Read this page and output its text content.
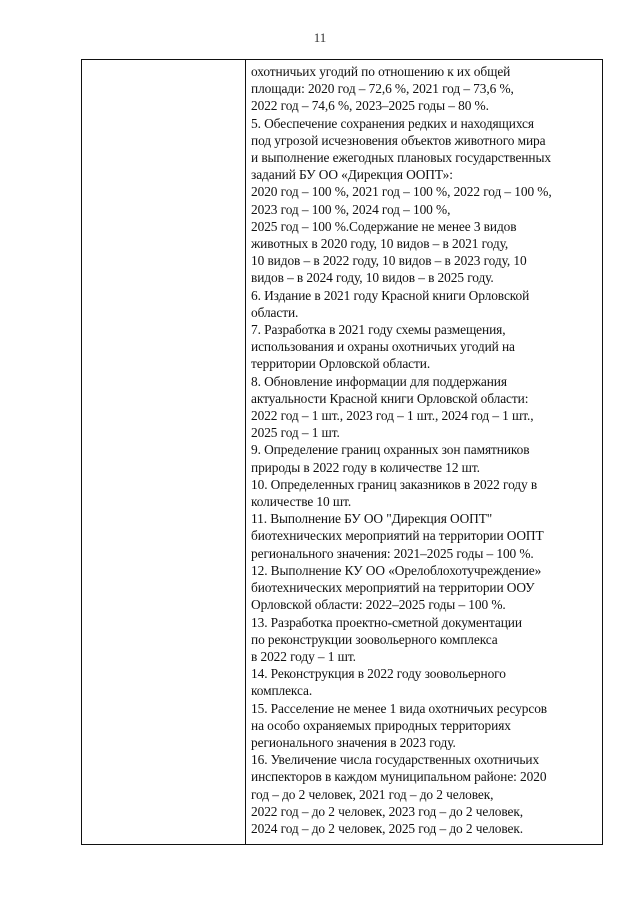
11
охотничьих угодий по отношению к их общей
площади: 2020 год – 72,6 %, 2021 год – 73,6 %,
2022 год – 74,6 %, 2023–2025 годы – 80 %.
5. Обеспечение сохранения редких и находящихся
под угрозой исчезновения объектов животного мира
и выполнение ежегодных плановых государственных
заданий БУ ОО «Дирекция ООПТ»:
2020 год – 100 %, 2021 год – 100 %, 2022 год – 100 %,
2023 год – 100 %, 2024 год – 100 %,
2025 год – 100 %.Содержание не менее 3 видов
животных в 2020 году, 10 видов – в 2021 году,
10 видов – в 2022 году, 10 видов – в 2023 году, 10
видов – в 2024 году, 10 видов – в 2025 году.
6. Издание в 2021 году Красной книги Орловской
области.
7. Разработка в 2021 году схемы размещения,
использования и охраны охотничьих угодий на
территории Орловской области.
8. Обновление информации для поддержания
актуальности Красной книги Орловской области:
2022 год – 1 шт., 2023 год – 1 шт., 2024 год – 1 шт.,
2025 год – 1 шт.
9. Определение границ охранных зон памятников
природы в 2022 году в количестве 12 шт.
10. Определенных границ заказников в 2022 году в
количестве 10 шт.
11. Выполнение БУ ОО "Дирекция ООПТ"
биотехнических мероприятий на территории ООПТ
регионального значения: 2021–2025 годы – 100 %.
12. Выполнение КУ ОО «Орелоблохотучреждение»
биотехнических мероприятий на территории ООУ
Орловской области: 2022–2025 годы – 100 %.
13. Разработка проектно-сметной документации
по реконструкции зоовольерного комплекса
в 2022 году – 1 шт.
14. Реконструкция в 2022 году зоовольерного
комплекса.
15. Расселение не менее 1 вида охотничьих ресурсов
на особо охраняемых природных территориях
регионального значения в 2023 году.
16. Увеличение числа государственных охотничьих
инспекторов в каждом муниципальном районе: 2020
год – до 2 человек, 2021 год – до 2 человек,
2022 год – до 2 человек, 2023 год – до 2 человек,
2024 год – до 2 человек, 2025 год – до 2 человек.
